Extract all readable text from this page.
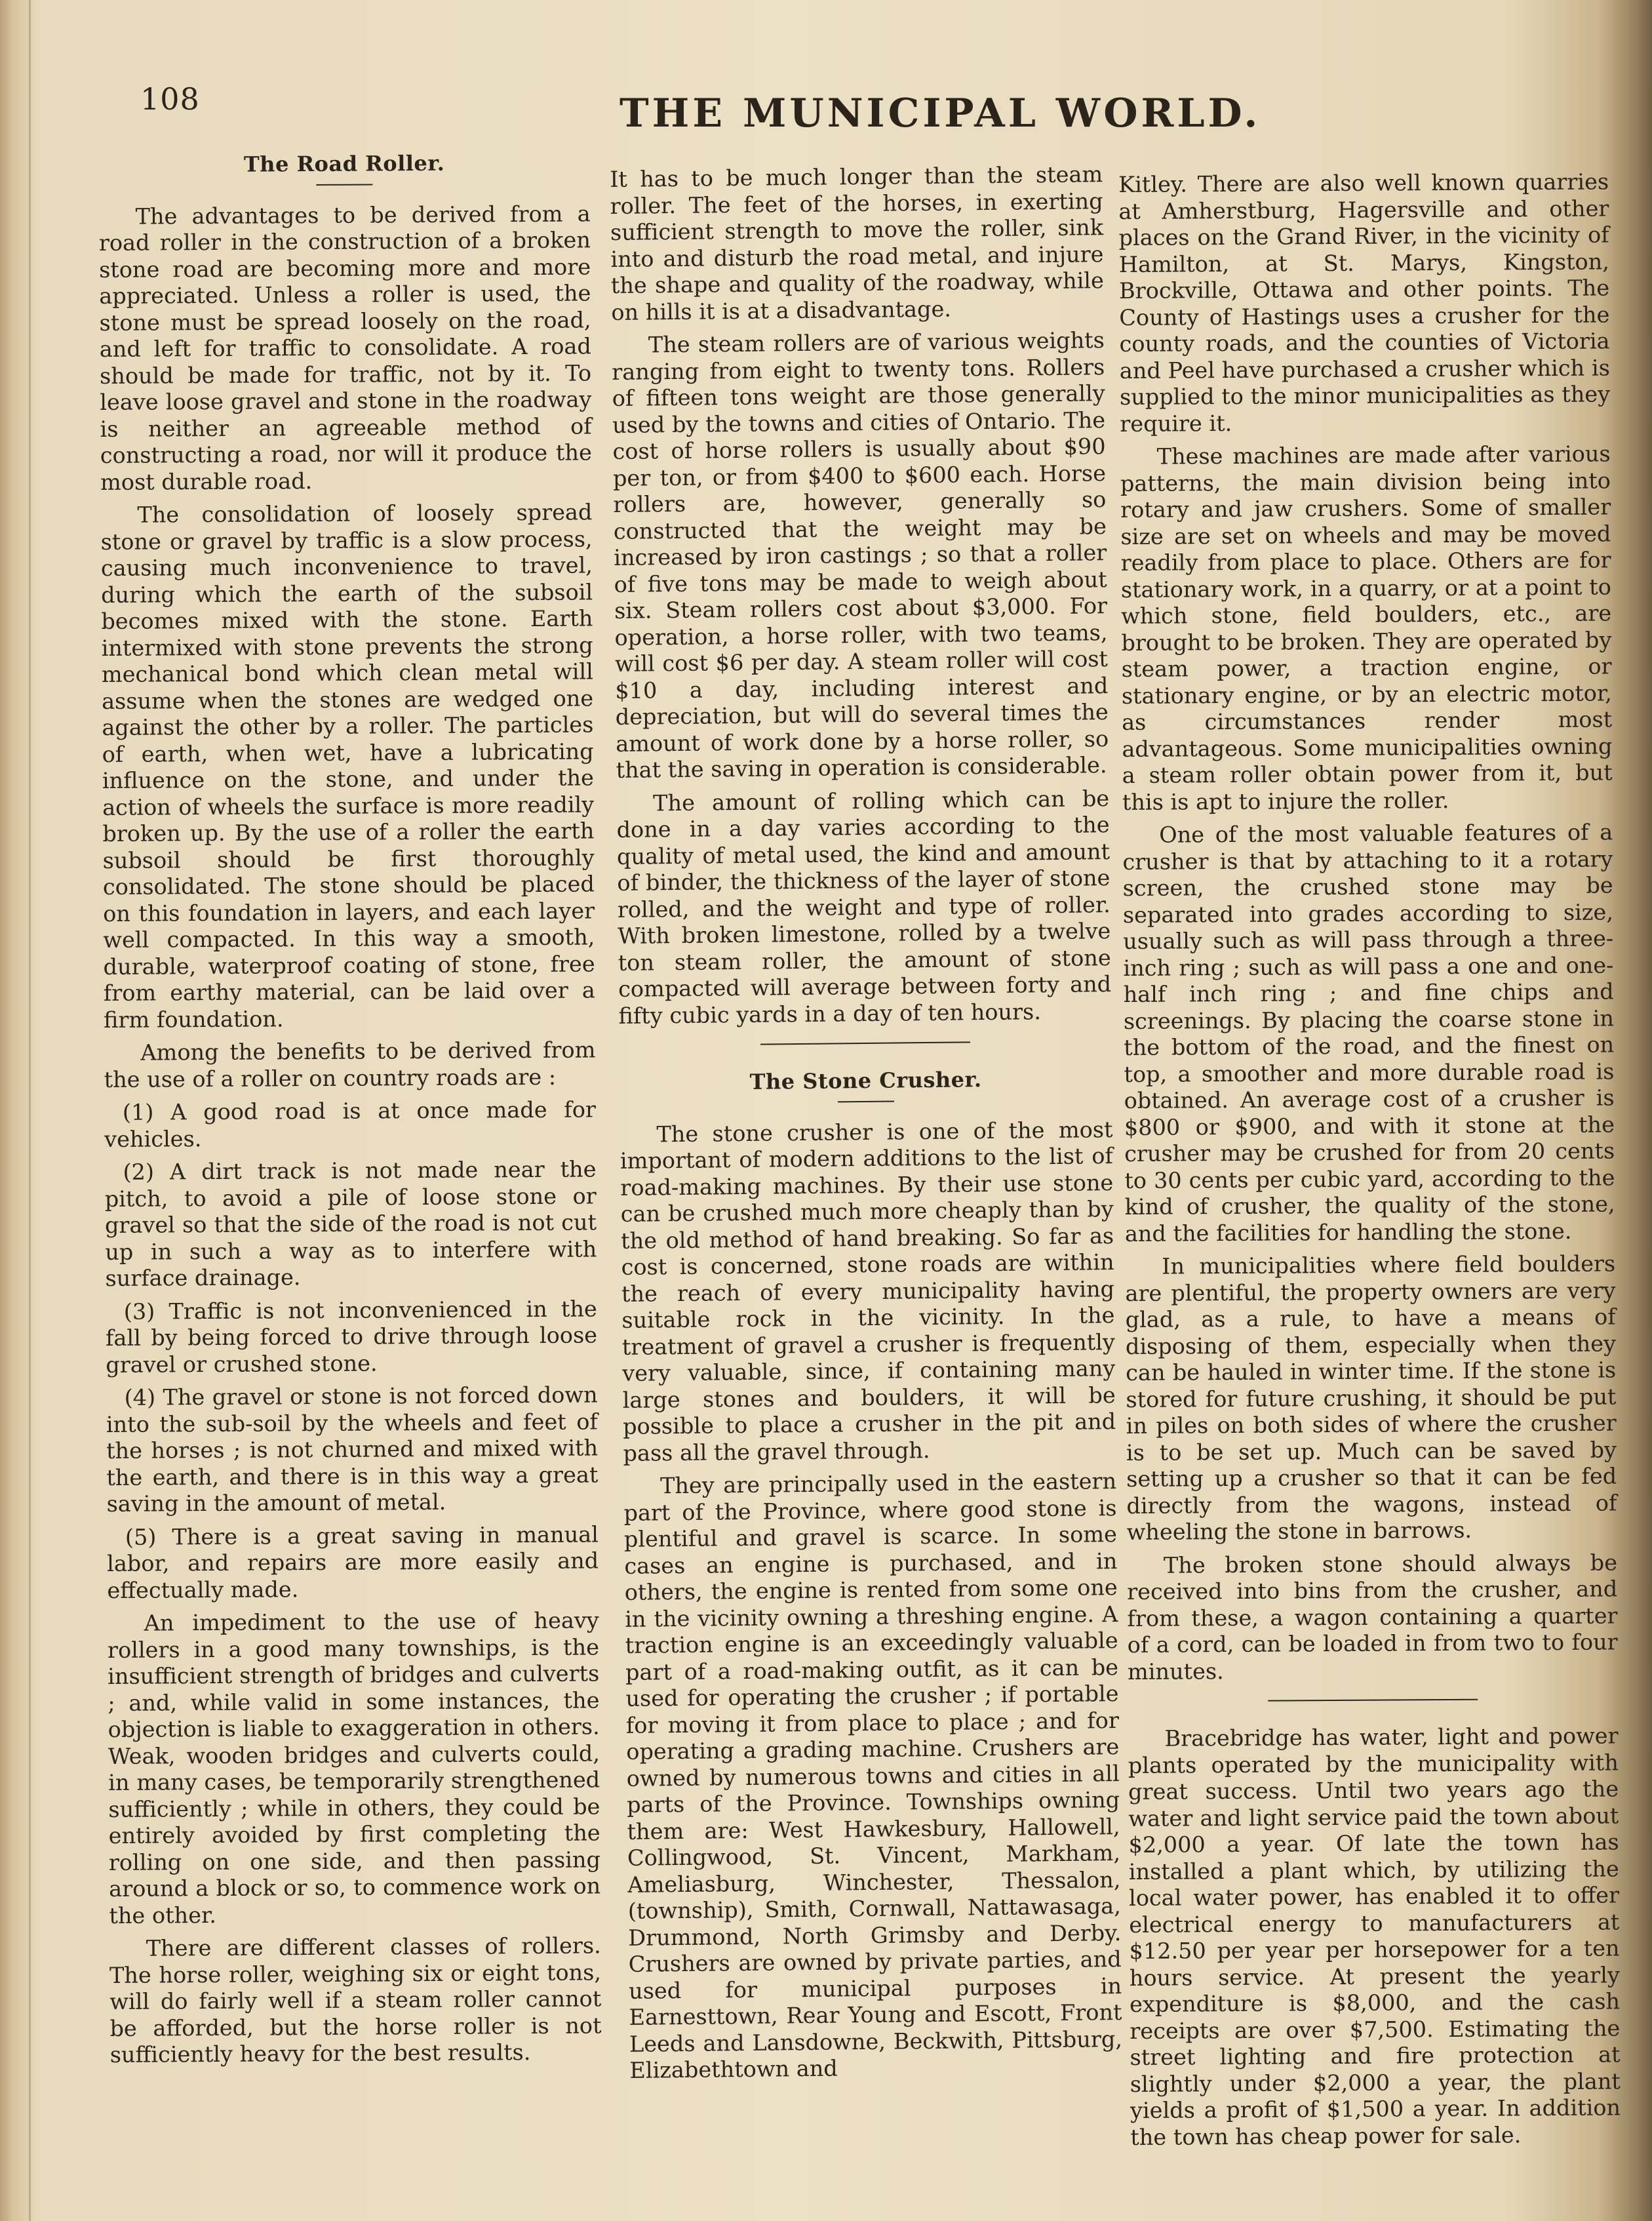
108	THE MUNICIPAL WORLD.
The Road Roller.

The advantages to be derived from a road roller in the construction of a broken stone road are becoming more and more appreciated. Unless a roller is used, the stone must be spread loosely on the road, and left for traffic to consolidate. A road should be made for traffic, not by it. To leave loose gravel and stone in the roadway is neither an agreeable method of constructing a road, nor will it produce the most durable road.

The consolidation of loosely spread stone or gravel by traffic is a slow process, causing much inconvenience to travel, during which the earth of the subsoil becomes mixed with the stone. Earth intermixed with stone prevents the strong mechanical bond which clean metal will assume when the stones are wedged one against the other by a roller. The particles of earth, when wet, have a lubricating influence on the stone, and under the action of wheels the surface is more readily broken up. By the use of a roller the earth subsoil should be first thoroughly consolidated. The stone should be placed on this foundation in layers, and each layer well compacted. In this way a smooth, durable, waterproof coating of stone, free from earthy material, can be laid over a firm foundation.

Among the benefits to be derived from the use of a roller on country roads are :

(1) A good road is at once made for vehicles.

(2) A dirt track is not made near the pitch, to avoid a pile of loose stone or gravel so that the side of the road is not cut up in such a way as to interfere with surface drainage.

(3) Traffic is not inconvenienced in the fall by being forced to drive through loose gravel or crushed stone.

(4) The gravel or stone is not forced down into the sub-soil by the wheels and feet of the horses ; is not churned and mixed with the earth, and there is in this way a great saving in the amount of metal.

(5) There is a great saving in manual labor, and repairs are more easily and effectually made.

An impediment to the use of heavy rollers in a good many townships, is the insufficient strength of bridges and culverts ; and, while valid in some instances, the objection is liable to exaggeration in others. Weak, wooden bridges and culverts could, in many cases, be temporarily strengthened sufficiently ; while in others, they could be entirely avoided by first completing the rolling on one side, and then passing around a block or so, to commence work on the other.

There are different classes of rollers. The horse roller, weighing six or eight tons, will do fairly well if a steam roller cannot be afforded, but the horse roller is not sufficiently heavy for the best results.

It has to be much longer than the steam roller. The feet of the horses, in exerting sufficient strength to move the roller, sink into and disturb the road metal, and injure the shape and quality of the roadway, while on hills it is at a disadvantage.

The steam rollers are of various weights ranging from eight to twenty tons. Rollers of fifteen tons weight are those generally used by the towns and cities of Ontario. The cost of horse rollers is usually about $90 per ton, or from $400 to $600 each. Horse rollers are, however, generally so constructed that the weight may be increased by iron castings ; so that a roller of five tons may be made to weigh about six. Steam rollers cost about $3,000. For operation, a horse roller, with two teams, will cost $6 per day. A steam roller will cost $10 a day, including interest and depreciation, but will do several times the amount of work done by a horse roller, so that the saving in operation is considerable.

The amount of rolling which can be done in a day varies according to the quality of metal used, the kind and amount of binder, the thickness of the layer of stone rolled, and the weight and type of roller. With broken limestone, rolled by a twelve ton steam roller, the amount of stone compacted will average between forty and fifty cubic yards in a day of ten hours.

The Stone Crusher.

The stone crusher is one of the most important of modern additions to the list of road-making machines. By their use stone can be crushed much more cheaply than by the old method of hand breaking. So far as cost is concerned, stone roads are within the reach of every municipality having suitable rock in the vicinity. In the treatment of gravel a crusher is frequently very valuable, since, if containing many large stones and boulders, it will be possible to place a crusher in the pit and pass all the gravel through.

They are principally used in the eastern part of the Province, where good stone is plentiful and gravel is scarce. In some cases an engine is purchased, and in others, the engine is rented from some one in the vicinity owning a threshing engine. A traction engine is an exceedingly valuable part of a road-making outfit, as it can be used for operating the crusher ; if portable for moving it from place to place ; and for operating a grading machine. Crushers are owned by numerous towns and cities in all parts of the Province. Townships owning them are: West Hawkesbury, Hallowell, Collingwood, St. Vincent, Markham, Ameliasburg, Winchester, Thessalon, (township), Smith, Cornwall, Nattawasaga, Drummond, North Grimsby and Derby. Crushers are owned by private parties, and used for municipal purposes in Earnesttown, Rear Young and Escott, Front Leeds and Lansdowne, Beckwith, Pittsburg, Elizabethtown and

Kitley. There are also well known quarries at Amherstburg, Hagersville and other places on the Grand River, in the vicinity of Hamilton, at St. Marys, Kingston, Brockville, Ottawa and other points. The County of Hastings uses a crusher for the county roads, and the counties of Victoria and Peel have purchased a crusher which is supplied to the minor municipalities as they require it.

These machines are made after various patterns, the main division being into rotary and jaw crushers. Some of smaller size are set on wheels and may be moved readily from place to place. Others are for stationary work, in a quarry, or at a point to which stone, field boulders, etc., are brought to be broken. They are operated by steam power, a traction engine, or stationary engine, or by an electric motor, as circumstances render most advantageous. Some municipalities owning a steam roller obtain power from it, but this is apt to injure the roller.

One of the most valuable features of a crusher is that by attaching to it a rotary screen, the crushed stone may be separated into grades according to size, usually such as will pass through a three-inch ring ; such as will pass a one and one-half inch ring ; and fine chips and screenings. By placing the coarse stone in the bottom of the road, and the finest on top, a smoother and more durable road is obtained. An average cost of a crusher is $800 or $900, and with it stone at the crusher may be crushed for from 20 cents to 30 cents per cubic yard, according to the kind of crusher, the quality of the stone, and the facilities for handling the stone.

In municipalities where field boulders are plentiful, the property owners are very glad, as a rule, to have a means of disposing of them, especially when they can be hauled in winter time. If the stone is stored for future crushing, it should be put in piles on both sides of where the crusher is to be set up. Much can be saved by setting up a crusher so that it can be fed directly from the wagons, instead of wheeling the stone in barrows.

The broken stone should always be received into bins from the crusher, and from these, a wagon containing a quarter of a cord, can be loaded in from two to four minutes.

Bracebridge has water, light and power plants operated by the municipality with great success. Until two years ago the water and light service paid the town about $2,000 a year. Of late the town has installed a plant which, by utilizing the local water power, has enabled it to offer electrical energy to manufacturers at $12.50 per year per horsepower for a ten hours service. At present the yearly expenditure is $8,000, and the cash receipts are over $7,500. Estimating the street lighting and fire protection at slightly under $2,000 a year, the plant yields a profit of $1,500 a year. In addition the town has cheap power for sale.
